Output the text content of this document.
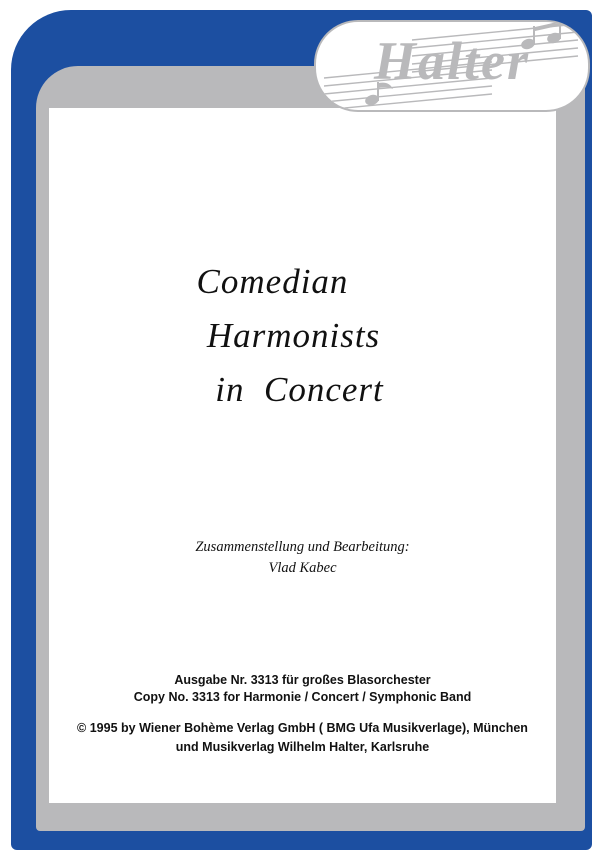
Halter
Comedian
Harmonists
in  Concert
Zusammenstellung und Bearbeitung:
Vlad Kabec
Ausgabe Nr. 3313 für großes Blasorchester
Copy No. 3313 for Harmonie / Concert / Symphonic Band
© 1995 by Wiener Bohème Verlag GmbH ( BMG Ufa Musikverlage), München
und Musikverlag Wilhelm Halter, Karlsruhe
